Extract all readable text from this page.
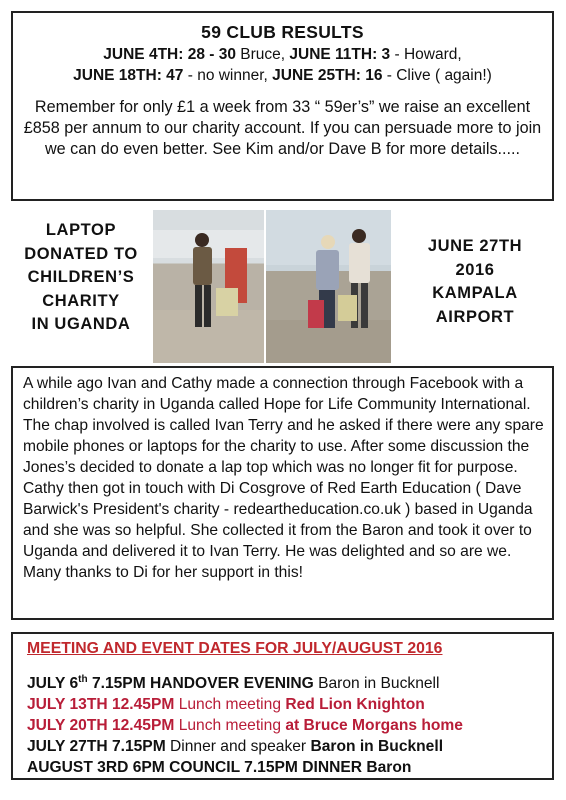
59 CLUB RESULTS
JUNE 4TH: 28 - 30 Bruce, JUNE 11TH: 3 - Howard,
JUNE 18TH: 47 - no winner, JUNE 25TH: 16 - Clive ( again!)
Remember for only £1 a week from 33 “ 59er’s” we raise an excellent £858 per annum to our charity account. If you can persuade more to join we can do even better. See Kim and/or Dave B for more details.....
LAPTOP
DONATED TO
CHILDREN’S
CHARITY
IN UGANDA
JUNE 27TH
2016
KAMPALA
AIRPORT
A while ago Ivan and Cathy made a connection through Facebook with a children’s charity in Uganda called Hope for Life Community International. The chap involved is called Ivan Terry and he asked if there were any spare mobile phones or laptops for the charity to use. After some discussion the Jones’s decided to donate a lap top which was no longer fit for purpose. Cathy then got in touch with Di Cosgrove of Red Earth Education ( Dave Barwick's President's charity - redeartheducation.co.uk ) based in Uganda and she was so helpful. She collected it from the Baron and took it over to Uganda and delivered it to Ivan Terry. He was delighted and so are we. Many thanks to Di for her support in this!
MEETING AND EVENT DATES FOR JULY/AUGUST 2016
JULY 6th 7.15PM HANDOVER EVENING Baron in Bucknell
JULY 13TH 12.45PM Lunch meeting Red Lion Knighton
JULY 20TH 12.45PM Lunch meeting at Bruce Morgans home
JULY 27TH 7.15PM Dinner and speaker Baron in Bucknell
AUGUST 3RD 6PM COUNCIL 7.15PM DINNER Baron
